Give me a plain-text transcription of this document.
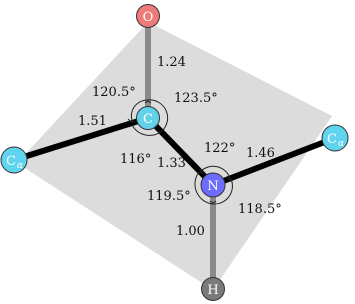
O
C
N
H
C α
C α
1.24
1.51
1.33
1.46
1.00
120.5°	123.5°
116°
122°
119.5°
118.5°
